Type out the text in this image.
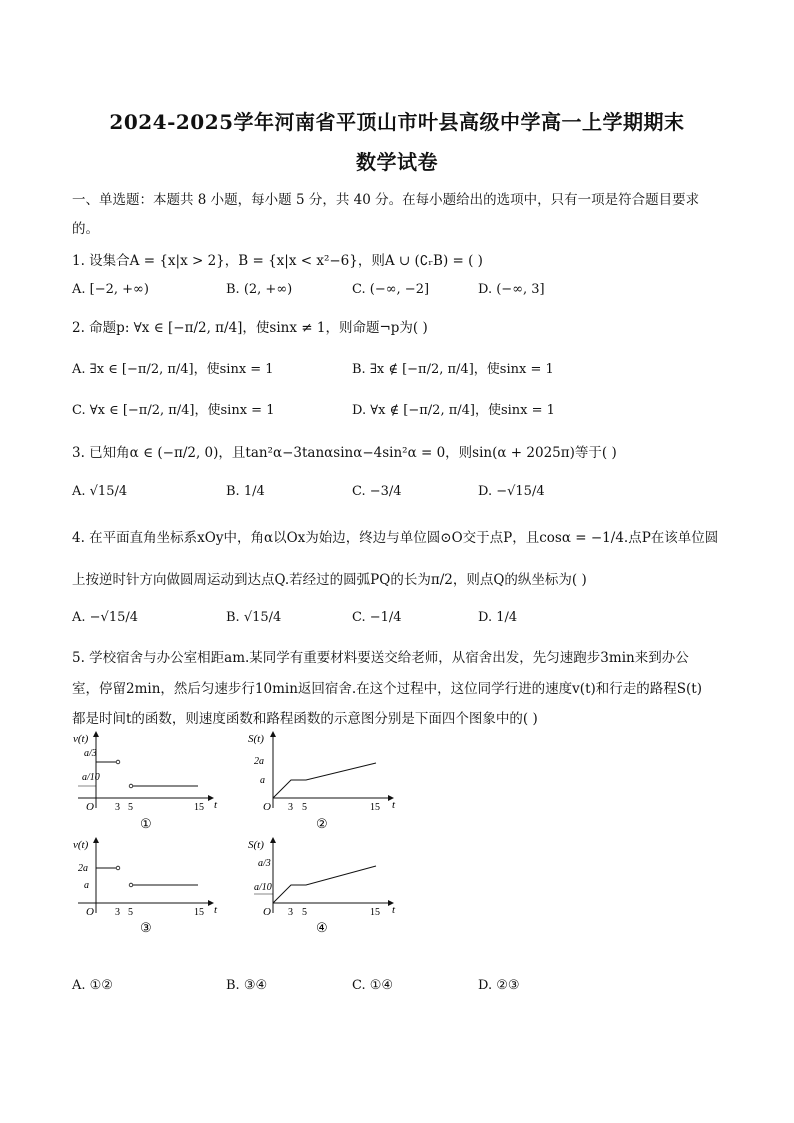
2024-2025学年河南省平顶山市叶县高级中学高一上学期期末
数学试卷
一、单选题：本题共 8 小题，每小题 5 分，共 40 分。在每小题给出的选项中，只有一项是符合题目要求
的。
1. 设集合A = {x|x > 2}，B = {x|x < x²−6}，则A ∪ (∁ᵣB) = ( )
A. [−2, +∞)	B. (2, +∞)	C. (−∞, −2]	D. (−∞, 3]
2. 命题p: ∀x ∈ [−π/2, π/4]，使sinx ≠ 1，则命题¬p为( )
A. ∃x ∈ [−π/2, π/4]，使sinx = 1	B. ∃x ∉ [−π/2, π/4]，使sinx = 1
C. ∀x ∈ [−π/2, π/4]，使sinx = 1	D. ∀x ∉ [−π/2, π/4]，使sinx = 1
3. 已知角α ∈ (−π/2, 0)，且tan²α−3tanαsinα−4sin²α = 0，则sin(α + 2025π)等于( )
A. √15/4	B. 1/4	C. −3/4	D. −√15/4
4. 在平面直角坐标系xOy中，角α以Ox为始边，终边与单位圆⊙O交于点P，且cosα = −1/4.点P在该单位圆
上按逆时针方向做圆周运动到达点Q.若经过的圆弧PQ的长为π/2，则点Q的纵坐标为( )
A. −√15/4	B. √15/4	C. −1/4	D. 1/4
5. 学校宿舍与办公室相距am.某同学有重要材料要送交给老师，从宿舍出发，先匀速跑步3min来到办公
室，停留2min，然后匀速步行10min返回宿舍.在这个过程中，这位同学行进的速度v(t)和行走的路程S(t)
都是时间t的函数，则速度函数和路程函数的示意图分别是下面四个图象中的( )
v(t)
a/3
a/10
O 3 5	15 t
①
S(t)
2a
a
O 3 5	15 t
②
v(t)
2a
a
O 3 5	15 t
③
S(t)
a/3
a/10
O 3 5	15 t
④
A. ①②	B. ③④	C. ①④	D. ②③
